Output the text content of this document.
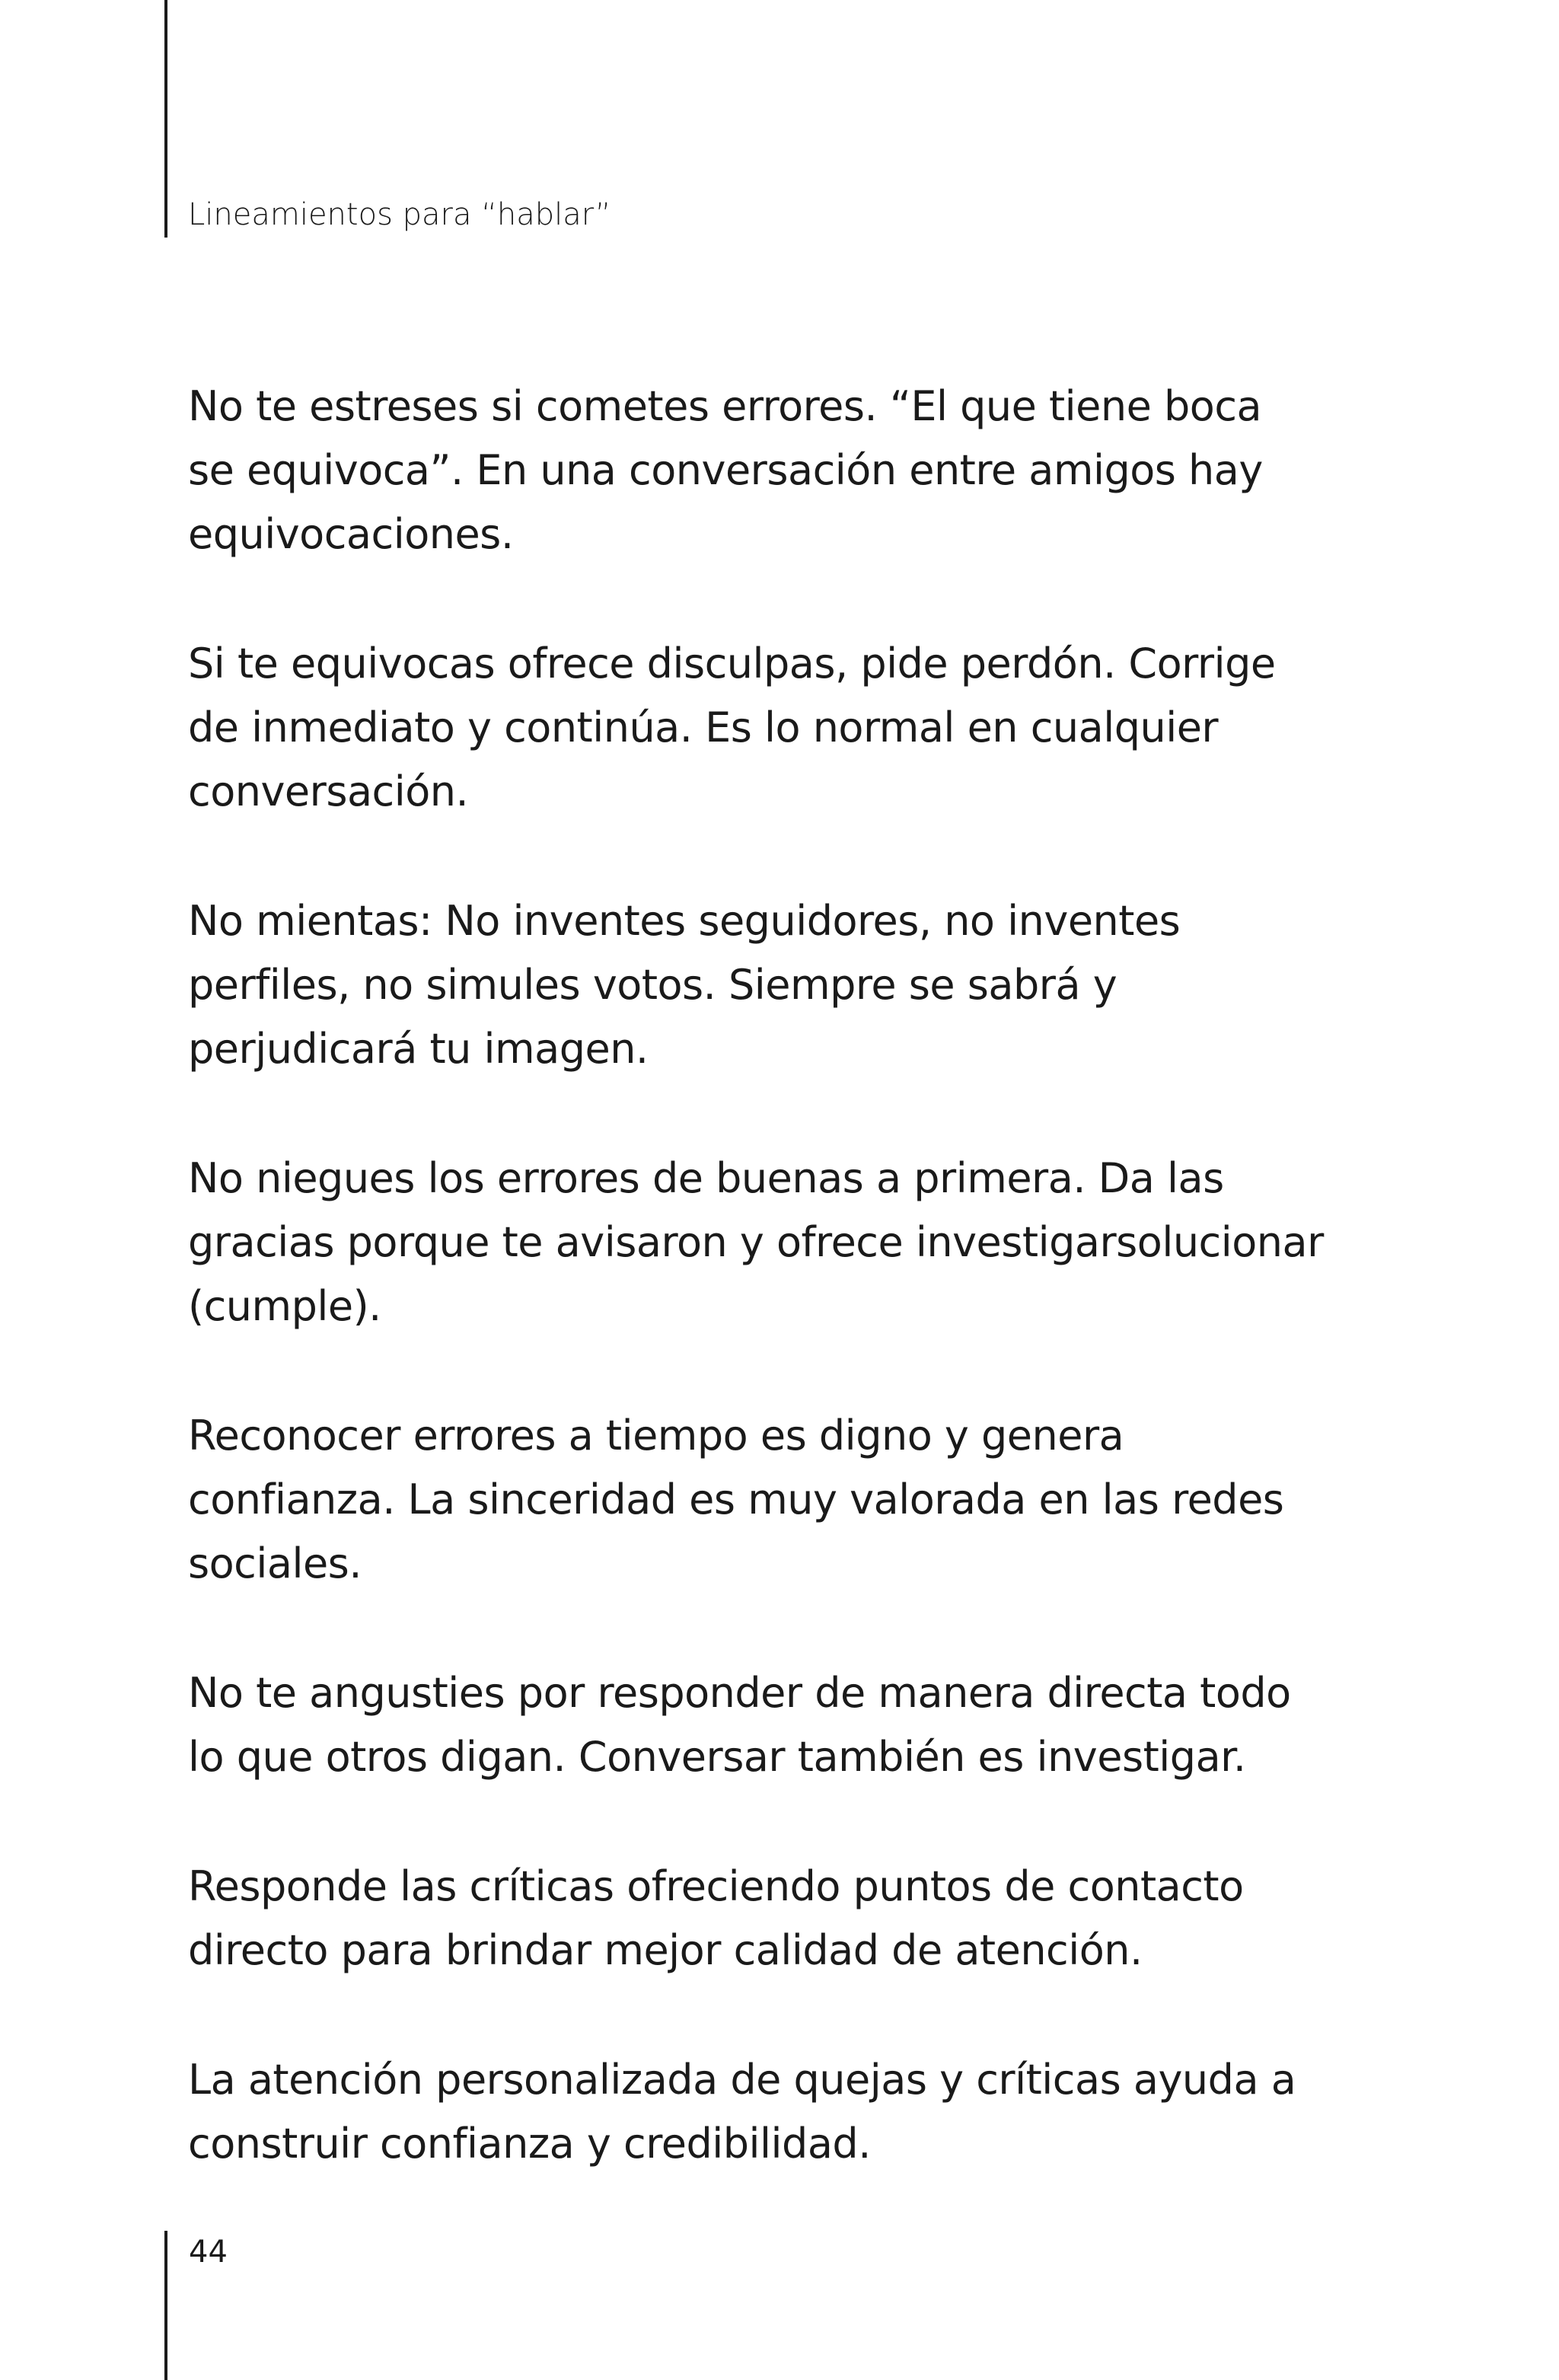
Lineamientos para “hablar”

No te estreses si cometes errores. “El que tiene boca
se equivoca”. En una conversación entre amigos hay
equivocaciones.

Si te equivocas ofrece disculpas, pide perdón. Corrige
de inmediato y continúa. Es lo normal en cualquier
conversación.

No mientas: No inventes seguidores, no inventes
perfiles, no simules votos. Siempre se sabrá y
perjudicará tu imagen.

No niegues los errores de buenas a primera. Da las
gracias porque te avisaron y ofrece investigarsolucionar
(cumple).

Reconocer errores a tiempo es digno y genera
confianza. La sinceridad es muy valorada en las redes
sociales.

No te angusties por responder de manera directa todo
lo que otros digan. Conversar también es investigar.

Responde las críticas ofreciendo puntos de contacto
directo para brindar mejor calidad de atención.

La atención personalizada de quejas y críticas ayuda a
construir confianza y credibilidad.

44
